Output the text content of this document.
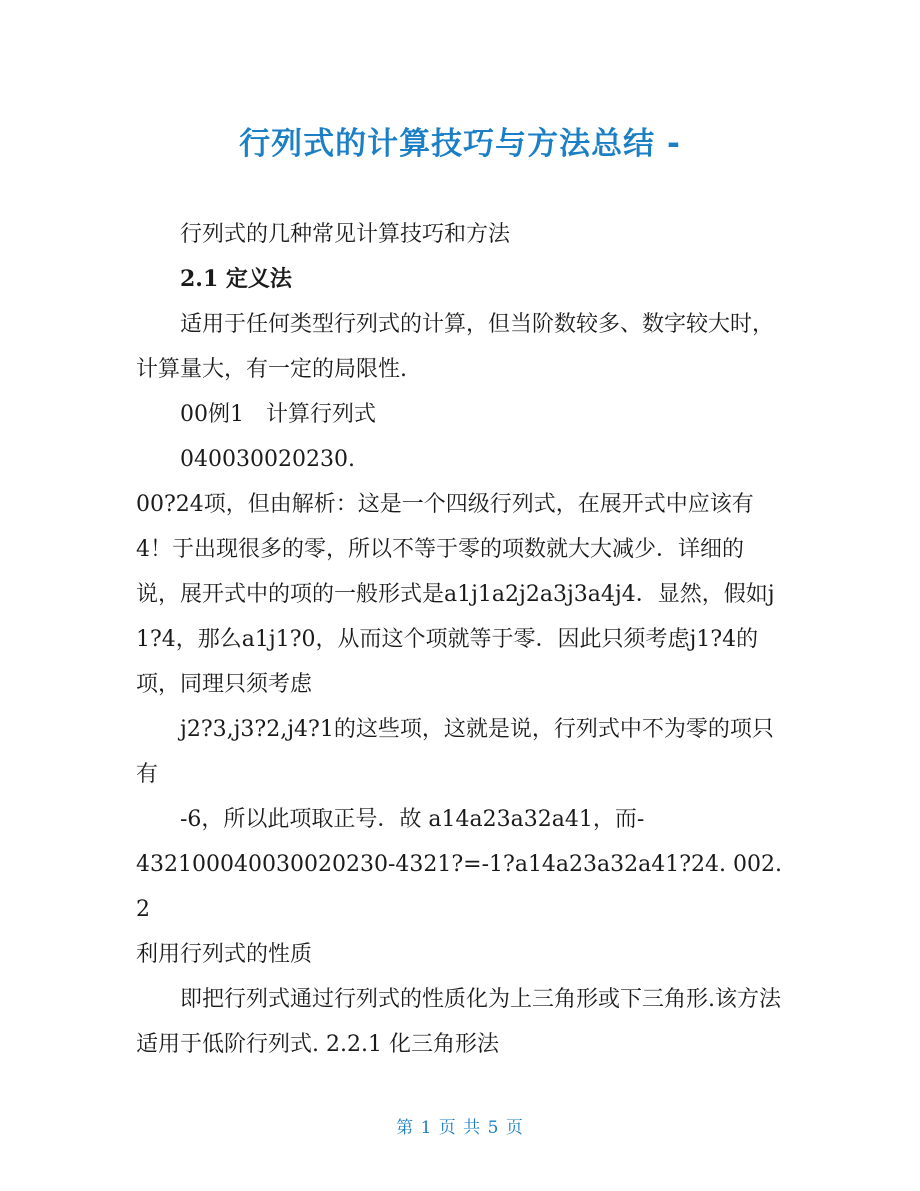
行列式的计算技巧与方法总结 -

行列式的几种常见计算技巧和方法

2.1 定义法

适用于任何类型行列式的计算，但当阶数较多、数字较大时，计算量大，有一定的局限性.

00例1　计算行列式

040030020230.

00?24项，但由解析：这是一个四级行列式，在展开式中应该有4！于出现很多的零，所以不等于零的项数就大大减少．详细的说，展开式中的项的一般形式是a1j1a2j2a3j3a4j4．显然，假如j1?4，那么a1j1?0，从而这个项就等于零．因此只须考虑j1?4的项，同理只须考虑

j2?3,j3?2,j4?1的这些项，这就是说，行列式中不为零的项只有

-6，所以此项取正号．故 a14a23a32a41，而-

432100040030020230-4321?=-1?a14a23a32a41?24. 002.2

利用行列式的性质

即把行列式通过行列式的性质化为上三角形或下三角形.该方法适用于低阶行列式. 2.2.1 化三角形法

第 1 页 共 5 页
